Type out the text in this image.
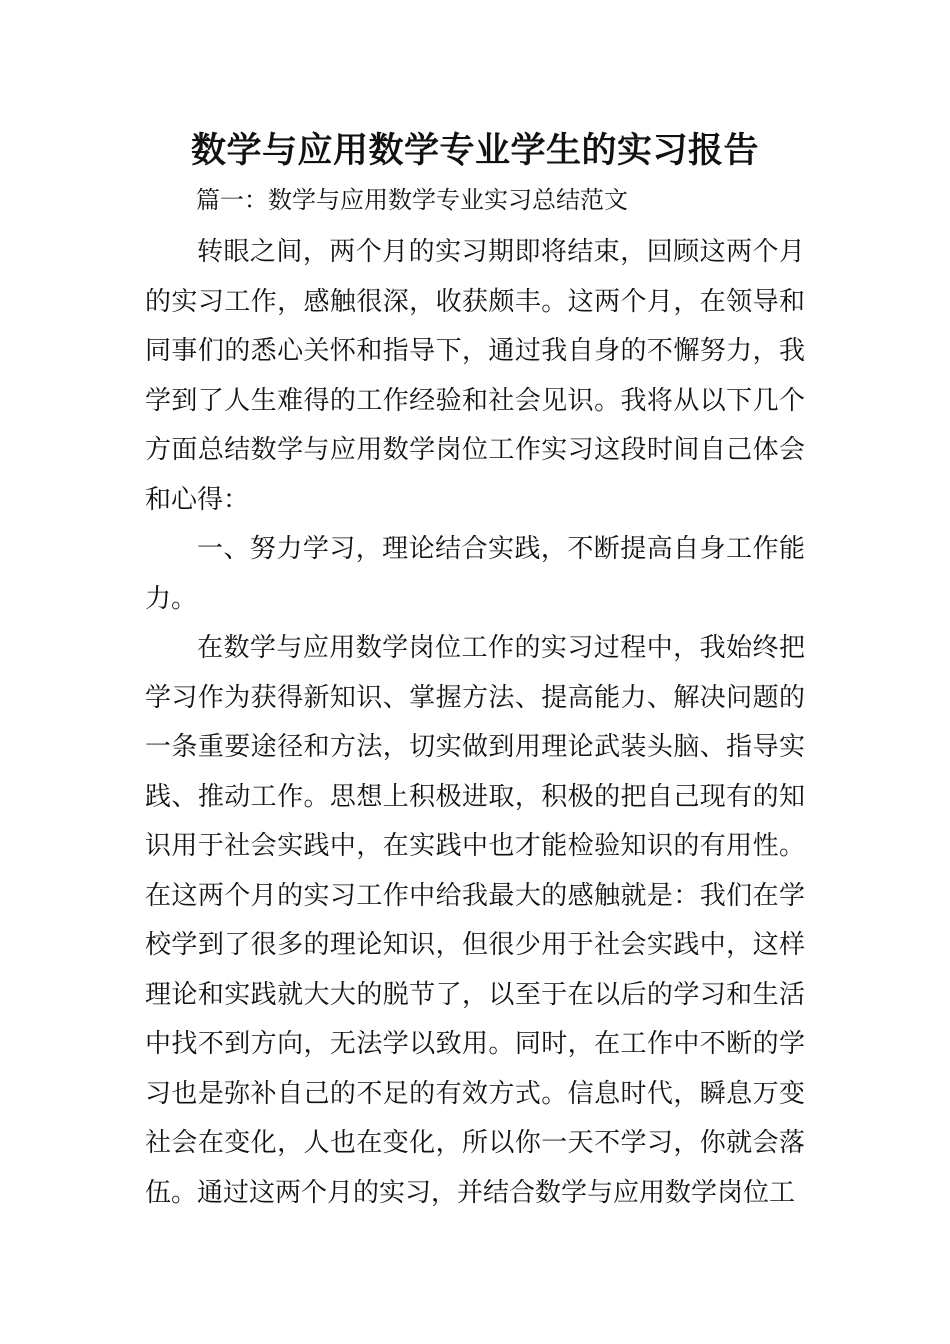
数学与应用数学专业学生的实习报告
篇一：数学与应用数学专业实习总结范文

转眼之间，两个月的实习期即将结束，回顾这两个月的实习工作，感触很深，收获颇丰。这两个月，在领导和同事们的悉心关怀和指导下，通过我自身的不懈努力，我学到了人生难得的工作经验和社会见识。我将从以下几个方面总结数学与应用数学岗位工作实习这段时间自己体会和心得：

一、努力学习，理论结合实践，不断提高自身工作能力。

在数学与应用数学岗位工作的实习过程中，我始终把学习作为获得新知识、掌握方法、提高能力、解决问题的一条重要途径和方法，切实做到用理论武装头脑、指导实践、推动工作。思想上积极进取，积极的把自己现有的知识用于社会实践中，在实践中也才能检验知识的有用性。在这两个月的实习工作中给我最大的感触就是：我们在学校学到了很多的理论知识，但很少用于社会实践中，这样理论和实践就大大的脱节了，以至于在以后的学习和生活中找不到方向，无法学以致用。同时，在工作中不断的学习也是弥补自己的不足的有效方式。信息时代，瞬息万变社会在变化，人也在变化，所以你一天不学习，你就会落伍。通过这两个月的实习，并结合数学与应用数学岗位工
